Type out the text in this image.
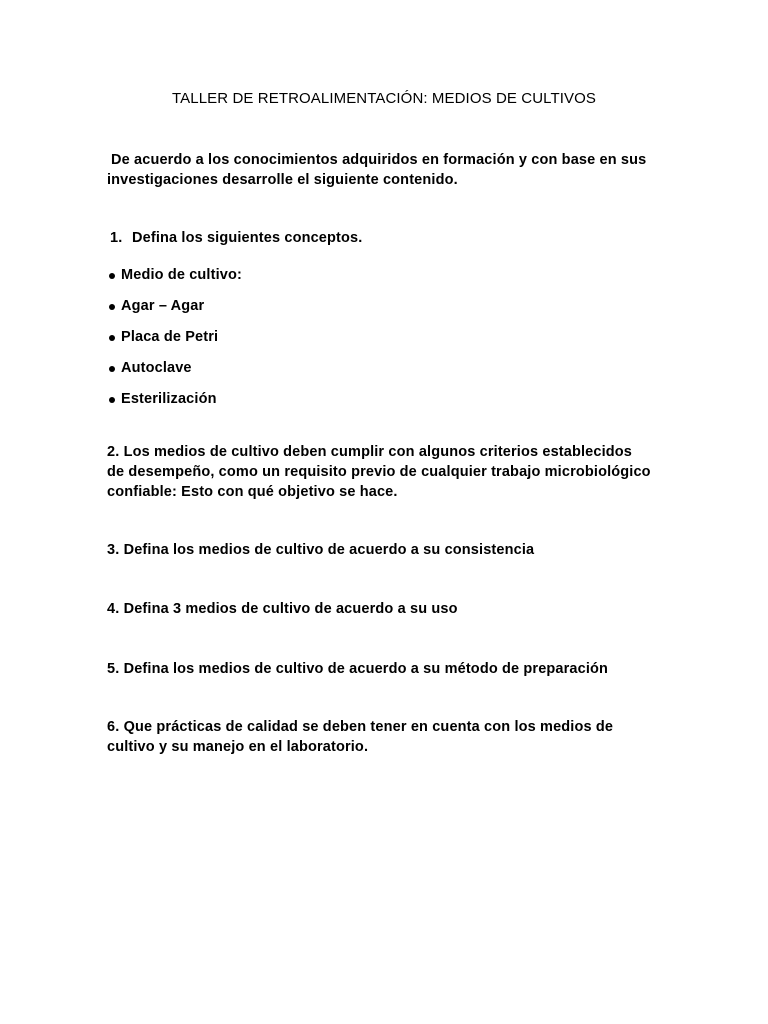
TALLER DE RETROALIMENTACIÓN: MEDIOS DE CULTIVOS
De acuerdo a los conocimientos adquiridos en formación y con base en sus
investigaciones desarrolle el siguiente contenido.
1. Defina los siguientes conceptos.
Medio de cultivo:
Agar – Agar
Placa de Petri
Autoclave
Esterilización
2. Los medios de cultivo deben cumplir con algunos criterios establecidos
de desempeño, como un requisito previo de cualquier trabajo microbiológico
confiable: Esto con qué objetivo se hace.
3. Defina los medios de cultivo de acuerdo a su consistencia
4. Defina 3 medios de cultivo de acuerdo a su uso
5. Defina los medios de cultivo de acuerdo a su método de preparación
6. Que prácticas de calidad se deben tener en cuenta con los medios de
cultivo y su manejo en el laboratorio.
